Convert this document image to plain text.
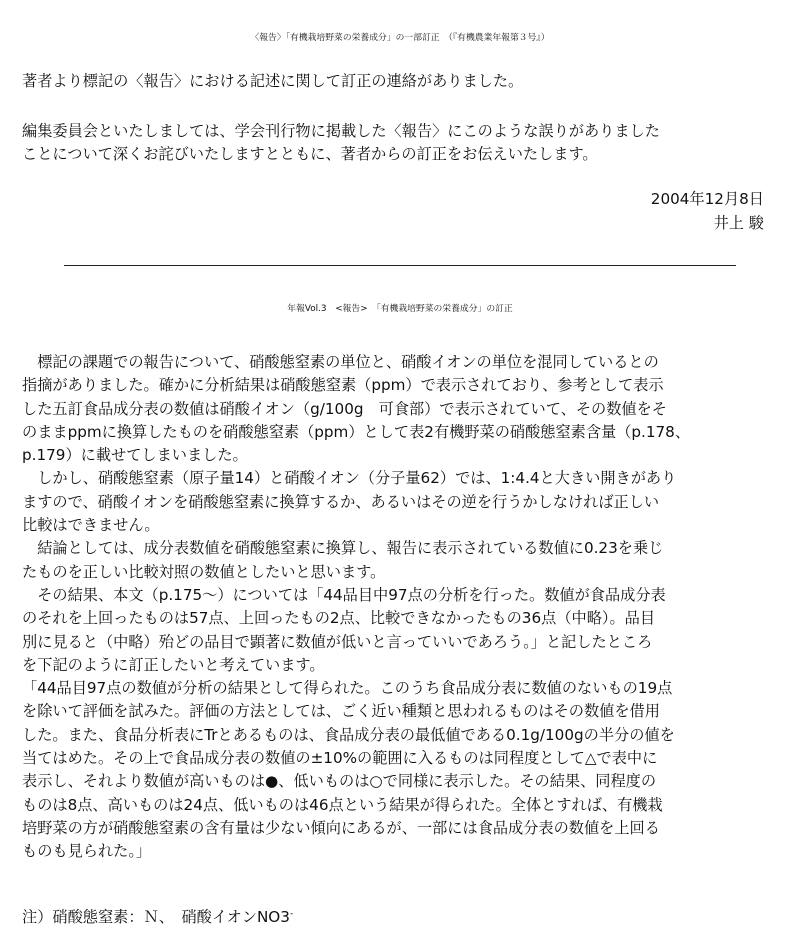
〈報告〉「有機栽培野菜の栄養成分」の一部訂正　（『有機農業年報第３号』）
著者より標記の〈報告〉における記述に関して訂正の連絡がありました。
編集委員会といたしましては、学会刊行物に掲載した〈報告〉にこのような誤りがありました
ことについて深くお詫びいたしますとともに、著者からの訂正をお伝えいたします。
2004年12月8日
井上 駿
年報Vol.3　<報告>　「有機栽培野菜の栄養成分」の訂正
　標記の課題での報告について、硝酸態窒素の単位と、硝酸イオンの単位を混同しているとの
指摘がありました。確かに分析結果は硝酸態窒素（ppm）で表示されており、参考として表示
した五訂食品成分表の数値は硝酸イオン（g/100g　可食部）で表示されていて、その数値をそ
のままppmに換算したものを硝酸態窒素（ppm）として表2有機野菜の硝酸態窒素含量（p.178、
p.179）に載せてしまいました。
　しかし、硝酸態窒素（原子量14）と硝酸イオン（分子量62）では、1:4.4と大きい開きがあり
ますので、硝酸イオンを硝酸態窒素に換算するか、あるいはその逆を行うかしなければ正しい
比較はできません。
　結論としては、成分表数値を硝酸態窒素に換算し、報告に表示されている数値に0.23を乗じ
たものを正しい比較対照の数値としたいと思います。
　その結果、本文（p.175～）については「44品目中97点の分析を行った。数値が食品成分表
のそれを上回ったものは57点、上回ったもの2点、比較できなかったもの36点（中略）。品目
別に見ると（中略）殆どの品目で顕著に数値が低いと言っていいであろう。」と記したところ
を下記のように訂正したいと考えています。
「44品目97点の数値が分析の結果として得られた。このうち食品成分表に数値のないもの19点
を除いて評価を試みた。評価の方法としては、ごく近い種類と思われるものはその数値を借用
した。また、食品分析表にTrとあるものは、食品成分表の最低値である0.1g/100gの半分の値を
当てはめた。その上で食品成分表の数値の±10%の範囲に入るものは同程度として△で表中に
表示し、それより数値が高いものは●、低いものは○で同様に表示した。その結果、同程度の
ものは8点、高いものは24点、低いものは46点という結果が得られた。全体とすれば、有機栽
培野菜の方が硝酸態窒素の含有量は少ない傾向にあるが、一部には食品成分表の数値を上回る
ものも見られた。」
注）硝酸態窒素：Ｎ、　硝酸イオンNO3-
